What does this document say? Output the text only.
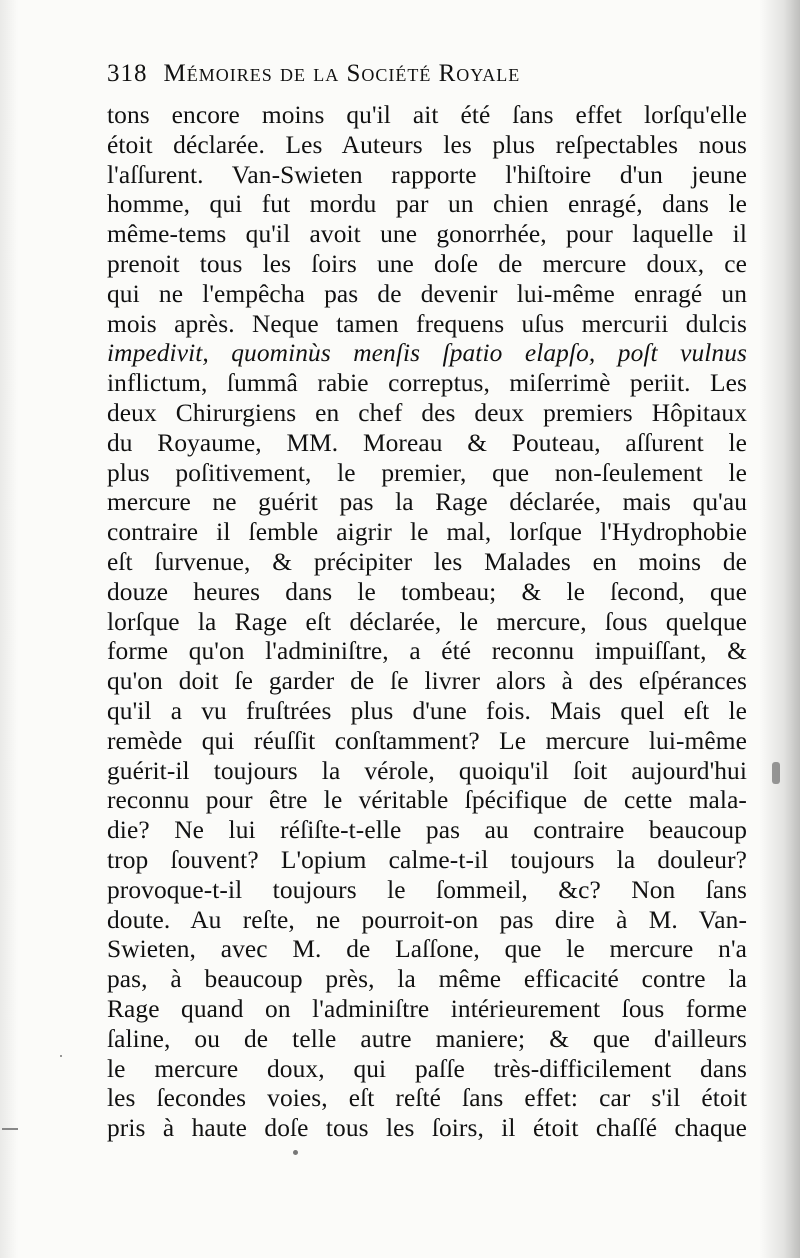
318 Mémoires de la Société Royale
tons encore moins qu'il ait été ſans effet lorſqu'elle
étoit déclarée. Les Auteurs les plus reſpectables nous
l'aſſurent. Van-Swieten rapporte l'hiſtoire d'un jeune
homme, qui fut mordu par un chien enragé, dans le
même-tems qu'il avoit une gonorrhée, pour laquelle il
prenoit tous les ſoirs une doſe de mercure doux, ce
qui ne l'empêcha pas de devenir lui-même enragé un
mois après. Neque tamen frequens uſus mercurii dulcis
impedivit, quominùs menſis ſpatio elapſo, poſt vulnus
inflictum, ſummâ rabie correptus, miſerrimè periit. Les
deux Chirurgiens en chef des deux premiers Hôpitaux
du Royaume, MM. Moreau & Pouteau, aſſurent le
plus poſitivement, le premier, que non-ſeulement le
mercure ne guérit pas la Rage déclarée, mais qu'au
contraire il ſemble aigrir le mal, lorſque l'Hydrophobie
eſt ſurvenue, & précipiter les Malades en moins de
douze heures dans le tombeau; & le ſecond, que
lorſque la Rage eſt déclarée, le mercure, ſous quelque
forme qu'on l'adminiſtre, a été reconnu impuiſſant, &
qu'on doit ſe garder de ſe livrer alors à des eſpérances
qu'il a vu fruſtrées plus d'une fois. Mais quel eſt le
remède qui réuſſit conſtamment? Le mercure lui-même
guérit-il toujours la vérole, quoiqu'il ſoit aujourd'hui
reconnu pour être le véritable ſpécifique de cette mala-
die? Ne lui réſiſte-t-elle pas au contraire beaucoup
trop ſouvent? L'opium calme-t-il toujours la douleur?
provoque-t-il toujours le ſommeil, &c? Non ſans
doute. Au reſte, ne pourroit-on pas dire à M. Van-
Swieten, avec M. de Laſſone, que le mercure n'a
pas, à beaucoup près, la même efficacité contre la
Rage quand on l'adminiſtre intérieurement ſous forme
ſaline, ou de telle autre maniere; & que d'ailleurs
le mercure doux, qui paſſe très-difficilement dans
les ſecondes voies, eſt reſté ſans effet: car s'il étoit
pris à haute doſe tous les ſoirs, il étoit chaſſé chaque
